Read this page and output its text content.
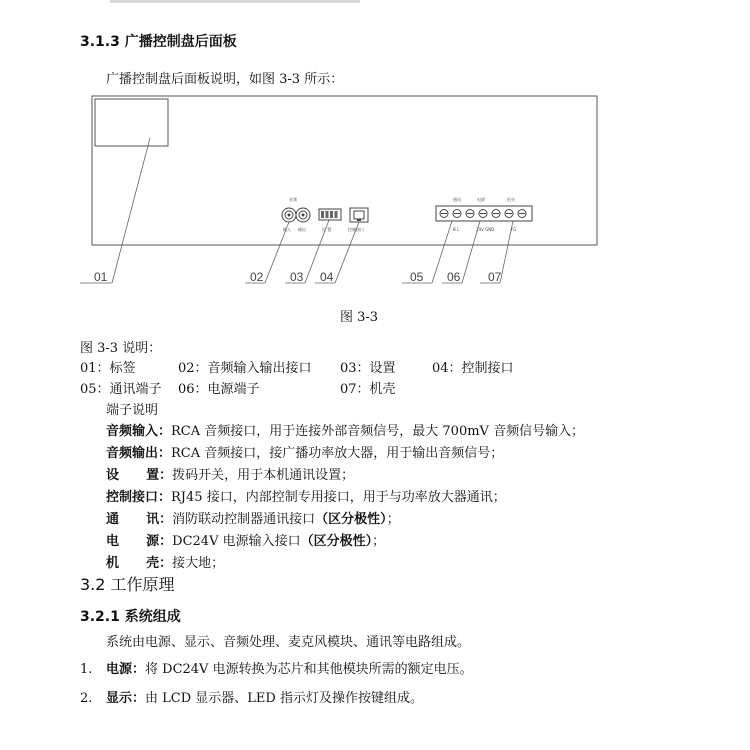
3.1.3 广播控制盘后面板
广播控制盘后面板说明，如图 3-3 所示：
音频
输入 输出	设 置	控制接口
通讯	电源	机壳
B L	24V GND	FG
01	02 03 04	05 06 07
图 3-3
图 3-3 说明：
01：标签	02：音频输入输出接口 03：设置	04：控制接口
05：通讯端子 06：电源端子	07：机壳
端子说明
音频输入：RCA 音频接口，用于连接外部音频信号，最大 700mV 音频信号输入；
音频输出：RCA 音频接口，接广播功率放大器，用于输出音频信号；
设      置：拨码开关，用于本机通讯设置；
控制接口：RJ45 接口，内部控制专用接口，用于与功率放大器通讯；
通      讯：消防联动控制器通讯接口（区分极性）；
电      源：DC24V 电源输入接口（区分极性）；
机      壳：接大地；
3.2 工作原理
3.2.1 系统组成
系统由电源、显示、音频处理、麦克风模块、通讯等电路组成。
1. 电源：将 DC24V 电源转换为芯片和其他模块所需的额定电压。
2. 显示：由 LCD 显示器、LED 指示灯及操作按键组成。
